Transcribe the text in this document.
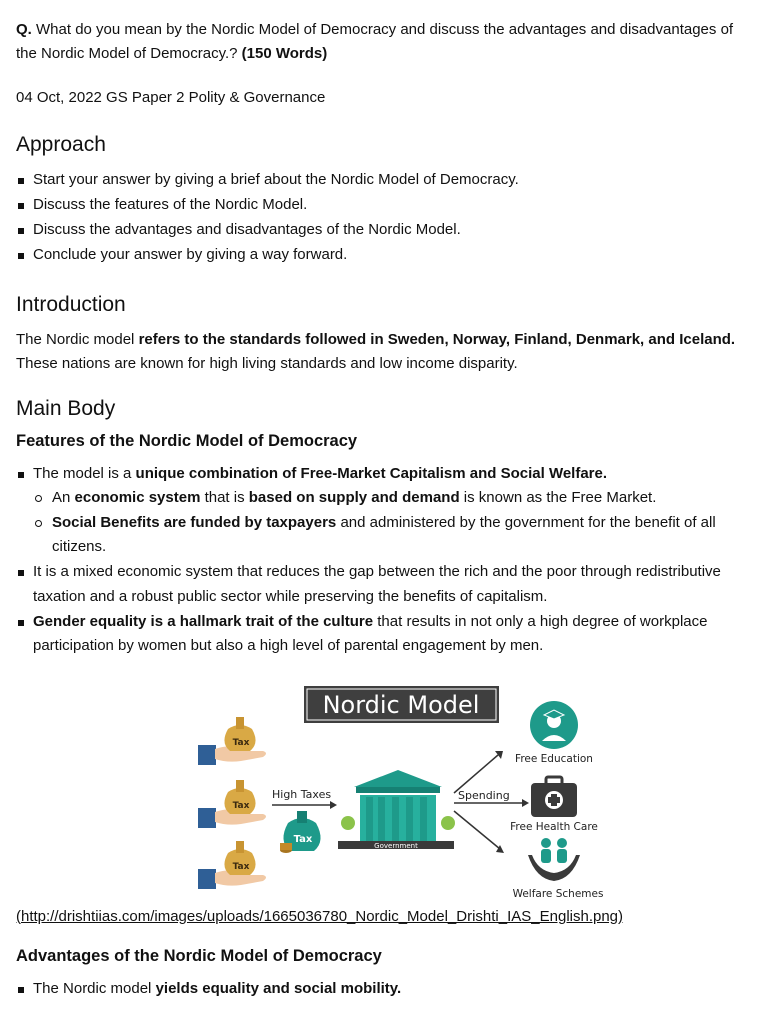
Q. What do you mean by the Nordic Model of Democracy and discuss the advantages and disadvantages of the Nordic Model of Democracy.? (150 Words)

04 Oct, 2022 GS Paper 2 Polity & Governance

Approach
Start your answer by giving a brief about the Nordic Model of Democracy.
Discuss the features of the Nordic Model.
Discuss the advantages and disadvantages of the Nordic Model.
Conclude your answer by giving a way forward.
Introduction

The Nordic model refers to the standards followed in Sweden, Norway, Finland, Denmark, and Iceland. These nations are known for high living standards and low income disparity.

Main Body
Features of the Nordic Model of Democracy
The model is a unique combination of Free-Market Capitalism and Social Welfare.
An economic system that is based on supply and demand is known as the Free Market.
Social Benefits are funded by taxpayers and administered by the government for the benefit of all citizens.
It is a mixed economic system that reduces the gap between the rich and the poor through redistributive taxation and a robust public sector while preserving the benefits of capitalism.
Gender equality is a hallmark trait of the culture that results in not only a high degree of workplace participation by women but also a high level of parental engagement by men.
Nordic Model
Tax
Tax
Tax
High Taxes
Tax
Government
Spending
Free Education
Free Health Care
Welfare Schemes

(http://drishtiias.com/images/uploads/1665036780_Nordic_Model_Drishti_IAS_English.png)

Advantages of the Nordic Model of Democracy
The Nordic model yields equality and social mobility.
